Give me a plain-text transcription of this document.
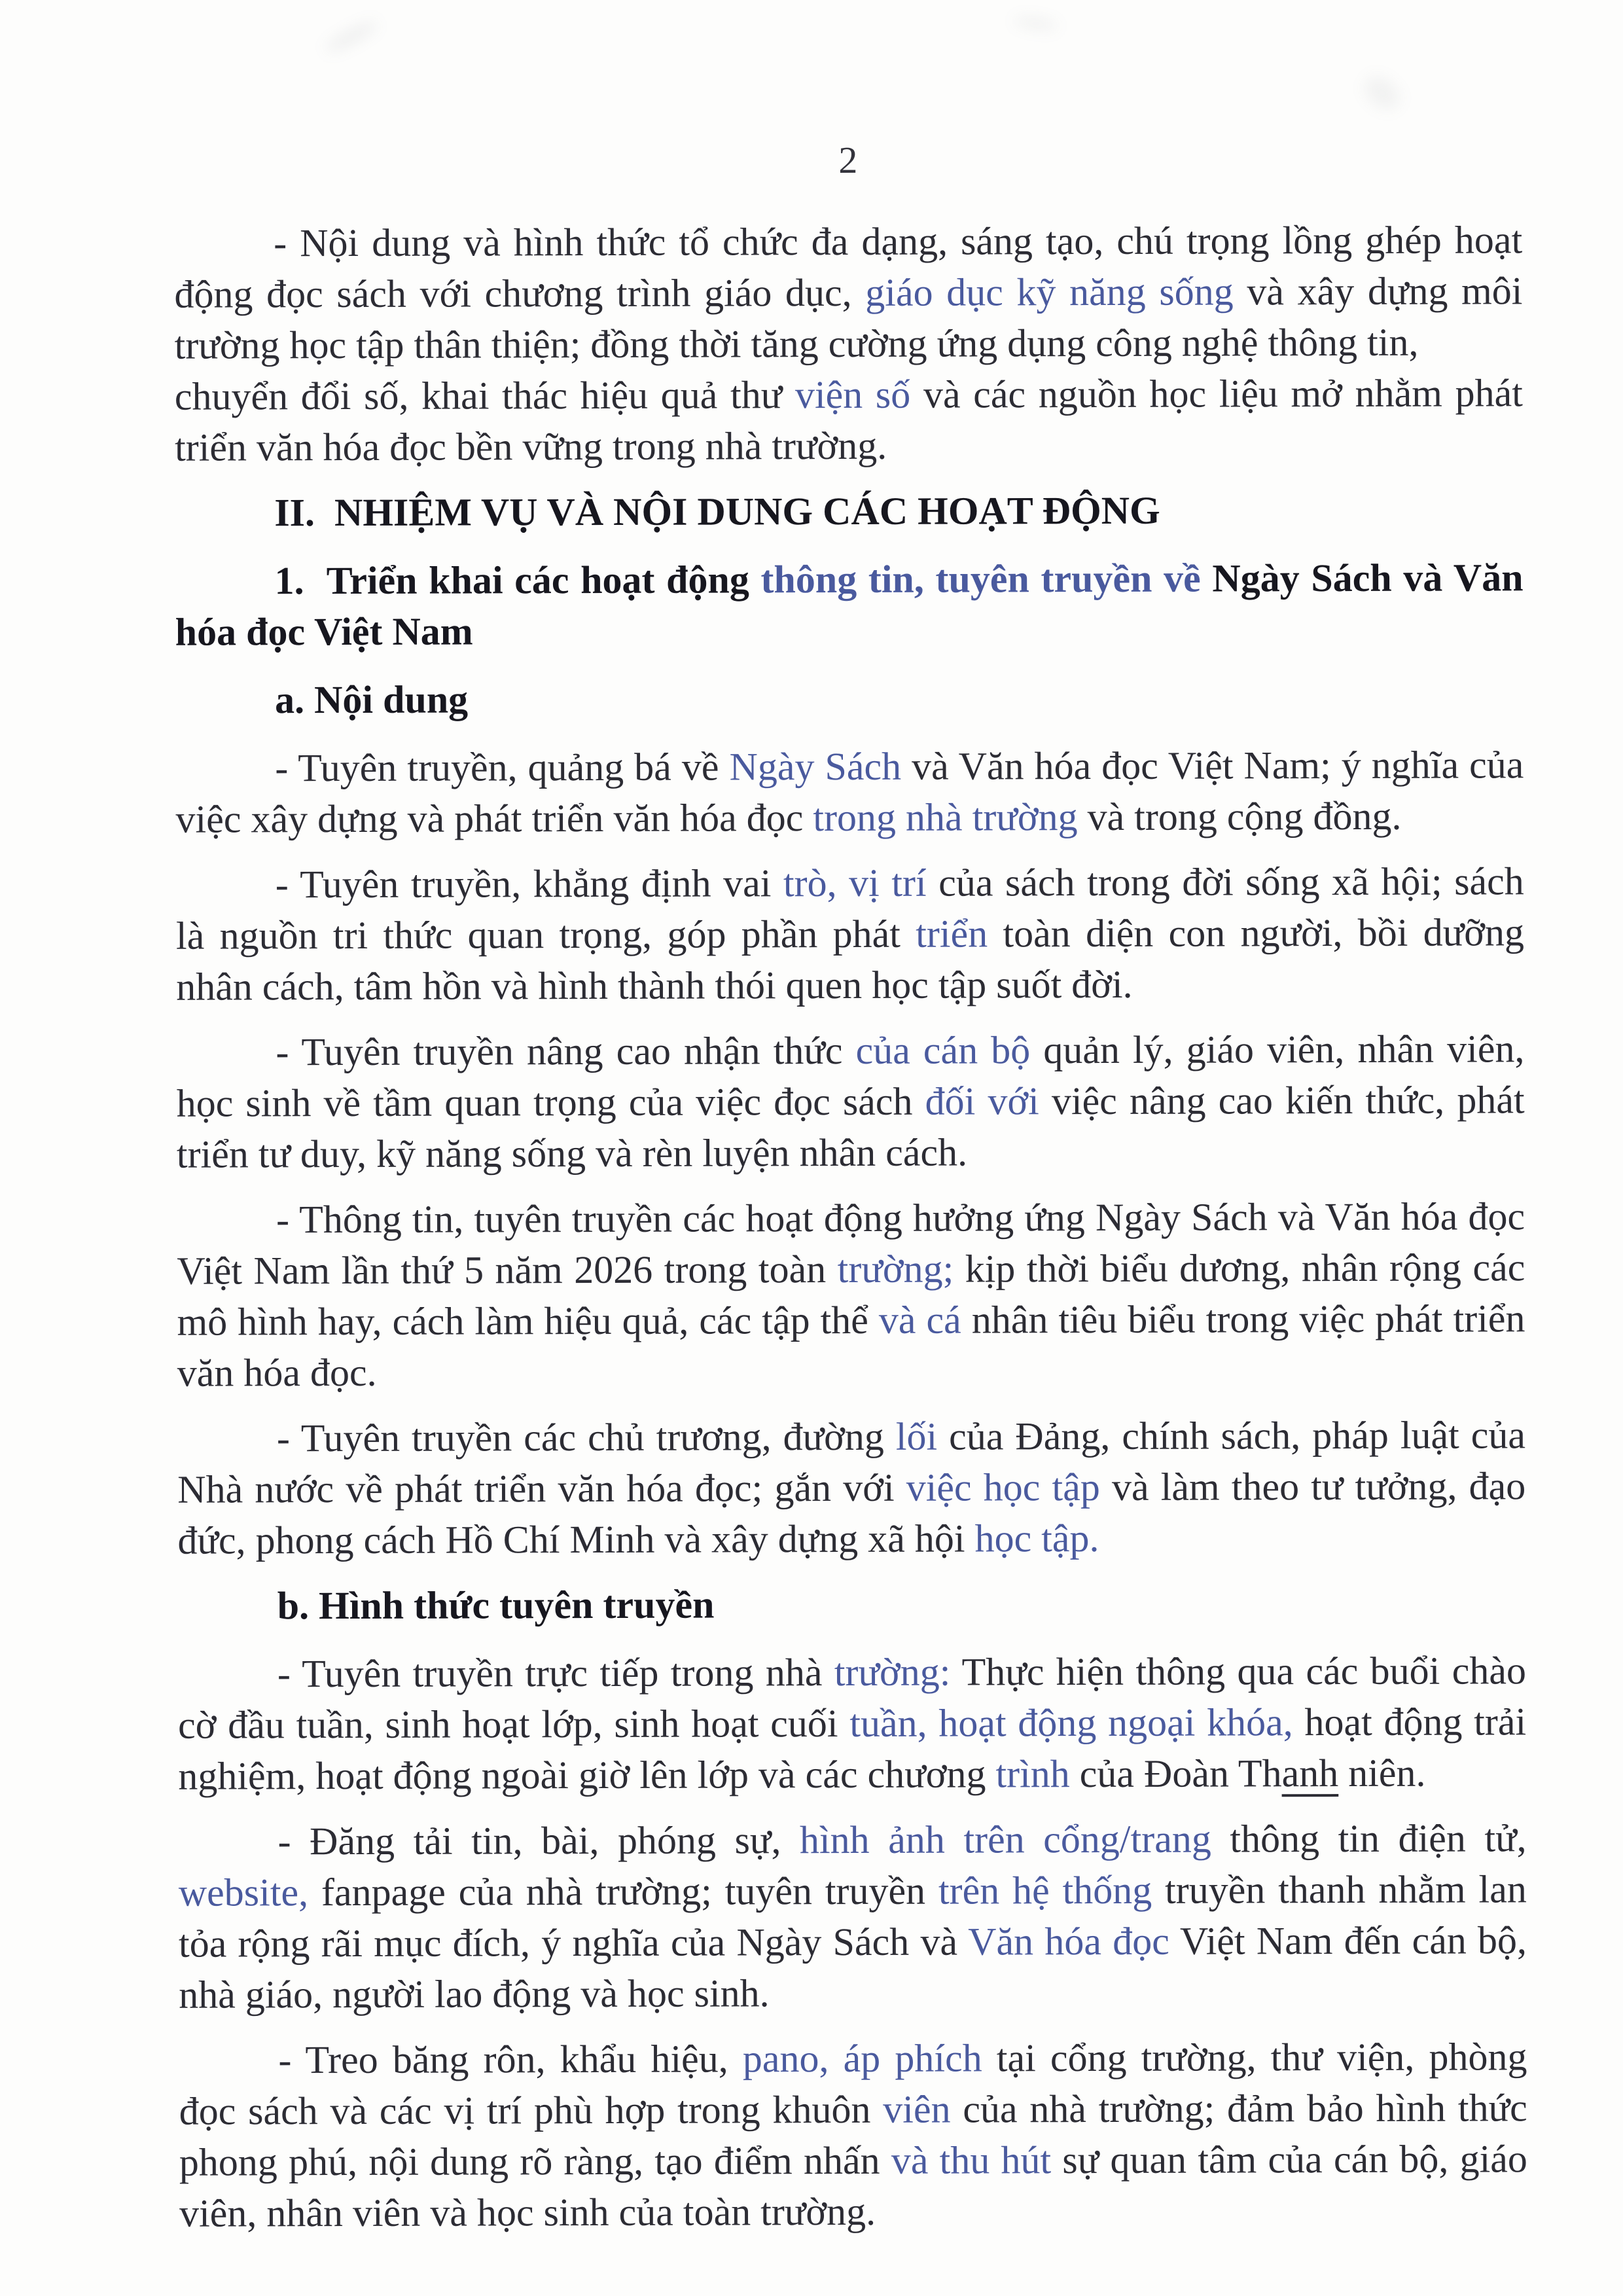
2

- Nội dung và hình thức tổ chức đa dạng, sáng tạo, chú trọng lồng ghép hoạt động đọc sách với chương trình giáo dục, giáo dục kỹ năng sống và xây dựng môi trường học tập thân thiện; đồng thời tăng cường ứng dụng công nghệ thông tin,
chuyển đổi số, khai thác hiệu quả thư viện số và các nguồn học liệu mở nhằm phát triển văn hóa đọc bền vững trong nhà trường.

II.  NHIỆM VỤ VÀ NỘI DUNG CÁC HOẠT ĐỘNG

1.  Triển khai các hoạt động thông tin, tuyên truyền về Ngày Sách và Văn hóa đọc Việt Nam

a. Nội dung

- Tuyên truyền, quảng bá về Ngày Sách và Văn hóa đọc Việt Nam; ý nghĩa của việc xây dựng và phát triển văn hóa đọc trong nhà trường và trong cộng đồng.

- Tuyên truyền, khẳng định vai trò, vị trí của sách trong đời sống xã hội; sách là nguồn tri thức quan trọng, góp phần phát triển toàn diện con người, bồi dưỡng nhân cách, tâm hồn và hình thành thói quen học tập suốt đời.

- Tuyên truyền nâng cao nhận thức của cán bộ quản lý, giáo viên, nhân viên, học sinh về tầm quan trọng của việc đọc sách đối với việc nâng cao kiến thức, phát triển tư duy, kỹ năng sống và rèn luyện nhân cách.

- Thông tin, tuyên truyền các hoạt động hưởng ứng Ngày Sách và Văn hóa đọc Việt Nam lần thứ 5 năm 2026 trong toàn trường; kịp thời biểu dương, nhân rộng các mô hình hay, cách làm hiệu quả, các tập thể và cá nhân tiêu biểu trong việc phát triển văn hóa đọc.

- Tuyên truyền các chủ trương, đường lối của Đảng, chính sách, pháp luật của Nhà nước về phát triển văn hóa đọc; gắn với việc học tập và làm theo tư tưởng, đạo đức, phong cách Hồ Chí Minh và xây dựng xã hội học tập.

b. Hình thức tuyên truyền

- Tuyên truyền trực tiếp trong nhà trường: Thực hiện thông qua các buổi chào cờ đầu tuần, sinh hoạt lớp, sinh hoạt cuối tuần, hoạt động ngoại khóa, hoạt động trải nghiệm, hoạt động ngoài giờ lên lớp và các chương trình của Đoàn Thanh niên.

- Đăng tải tin, bài, phóng sự, hình ảnh trên cổng/trang thông tin điện tử, website, fanpage của nhà trường; tuyên truyền trên hệ thống truyền thanh nhằm lan tỏa rộng rãi mục đích, ý nghĩa của Ngày Sách và Văn hóa đọc Việt Nam đến cán bộ, nhà giáo, người lao động và học sinh.

- Treo băng rôn, khẩu hiệu, pano, áp phích tại cổng trường, thư viện, phòng đọc sách và các vị trí phù hợp trong khuôn viên của nhà trường; đảm bảo hình thức phong phú, nội dung rõ ràng, tạo điểm nhấn và thu hút sự quan tâm của cán bộ, giáo viên, nhân viên và học sinh của toàn trường.
